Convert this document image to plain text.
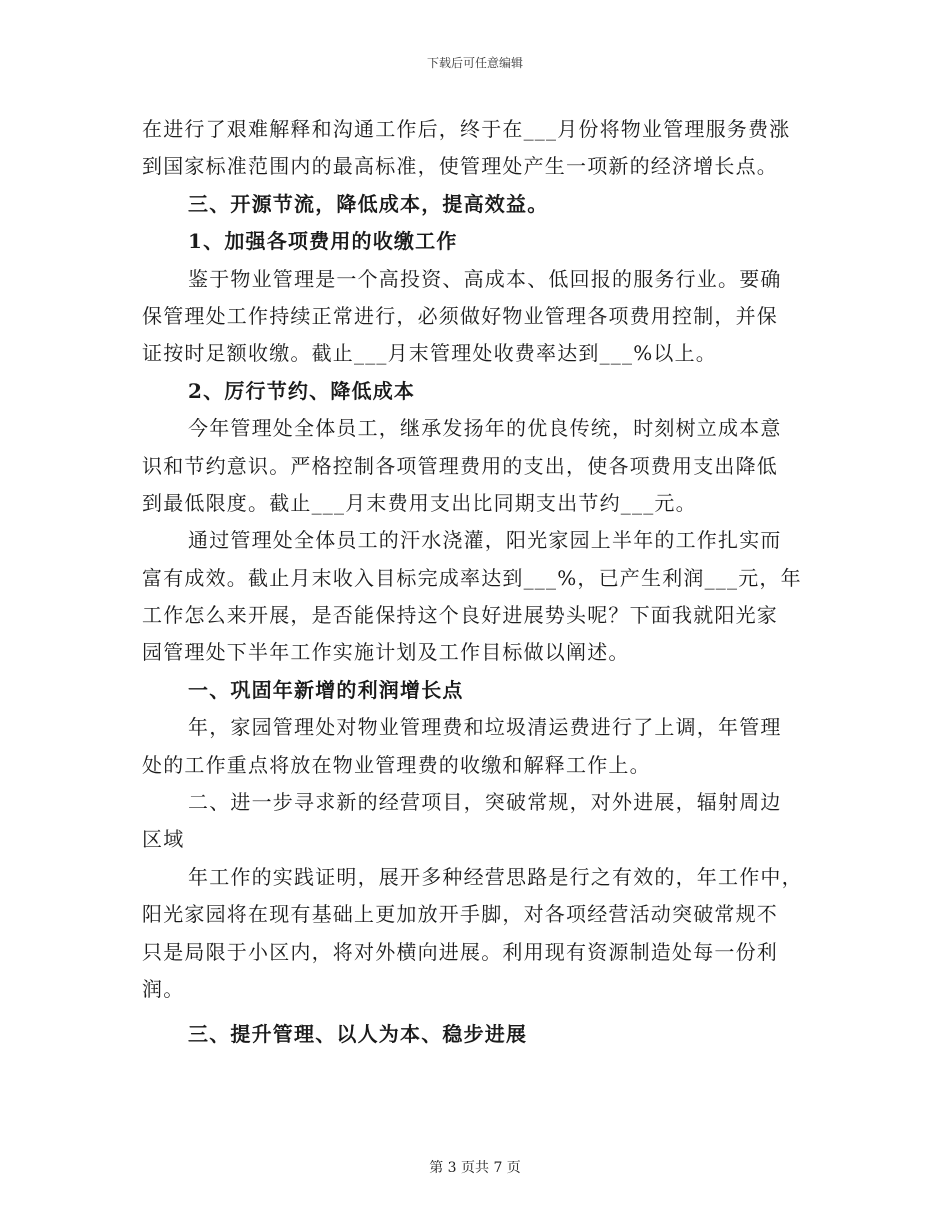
下载后可任意编辑
在进行了艰难解释和沟通工作后，终于在___月份将物业管理服务费涨
到国家标准范围内的最高标准，使管理处产生一项新的经济增长点。
三、开源节流，降低成本，提高效益。
1、加强各项费用的收缴工作
鉴于物业管理是一个高投资、高成本、低回报的服务行业。要确
保管理处工作持续正常进行，必须做好物业管理各项费用控制，并保
证按时足额收缴。截止___月末管理处收费率达到___%以上。
2、厉行节约、降低成本
今年管理处全体员工，继承发扬年的优良传统，时刻树立成本意
识和节约意识。严格控制各项管理费用的支出，使各项费用支出降低
到最低限度。截止___月末费用支出比同期支出节约___元。
通过管理处全体员工的汗水浇灌，阳光家园上半年的工作扎实而
富有成效。截止月末收入目标完成率达到___%，已产生利润___元，年
工作怎么来开展，是否能保持这个良好进展势头呢？下面我就阳光家
园管理处下半年工作实施计划及工作目标做以阐述。
一、巩固年新增的利润增长点
年，家园管理处对物业管理费和垃圾清运费进行了上调，年管理
处的工作重点将放在物业管理费的收缴和解释工作上。
二、进一步寻求新的经营项目，突破常规，对外进展，辐射周边
区域
年工作的实践证明，展开多种经营思路是行之有效的，年工作中，
阳光家园将在现有基础上更加放开手脚，对各项经营活动突破常规不
只是局限于小区内，将对外横向进展。利用现有资源制造处每一份利
润。
三、提升管理、以人为本、稳步进展
第 3 页共 7 页
